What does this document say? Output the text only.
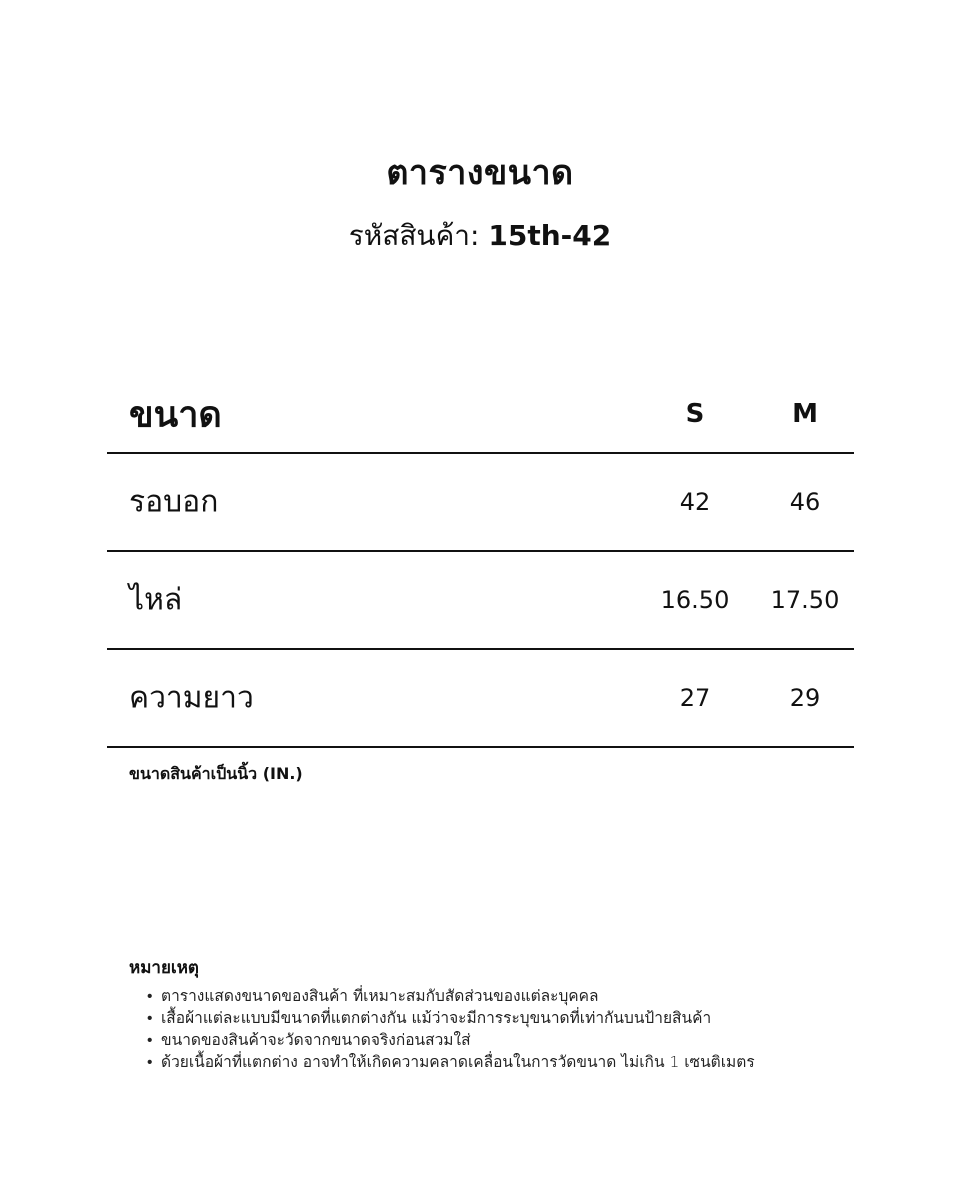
ตารางขนาด
รหัสสินค้า: 15th-42
ขนาด	S	M
รอบอก	42	46
ไหล่	16.50 17.50
ความยาว	27	29
ขนาดสินค้าเป็นนิ้ว (IN.)
หมายเหตุ
• ตารางแสดงขนาดของสินค้า ที่เหมาะสมกับสัดส่วนของแต่ละบุคคล
• เสื้อผ้าแต่ละแบบมีขนาดที่แตกต่างกัน แม้ว่าจะมีการระบุขนาดที่เท่ากันบนป้ายสินค้า
• ขนาดของสินค้าจะวัดจากขนาดจริงก่อนสวมใส่
• ด้วยเนื้อผ้าที่แตกต่าง อาจทำให้เกิดความคลาดเคลื่อนในการวัดขนาด ไม่เกิน 1 เซนติเมตร
